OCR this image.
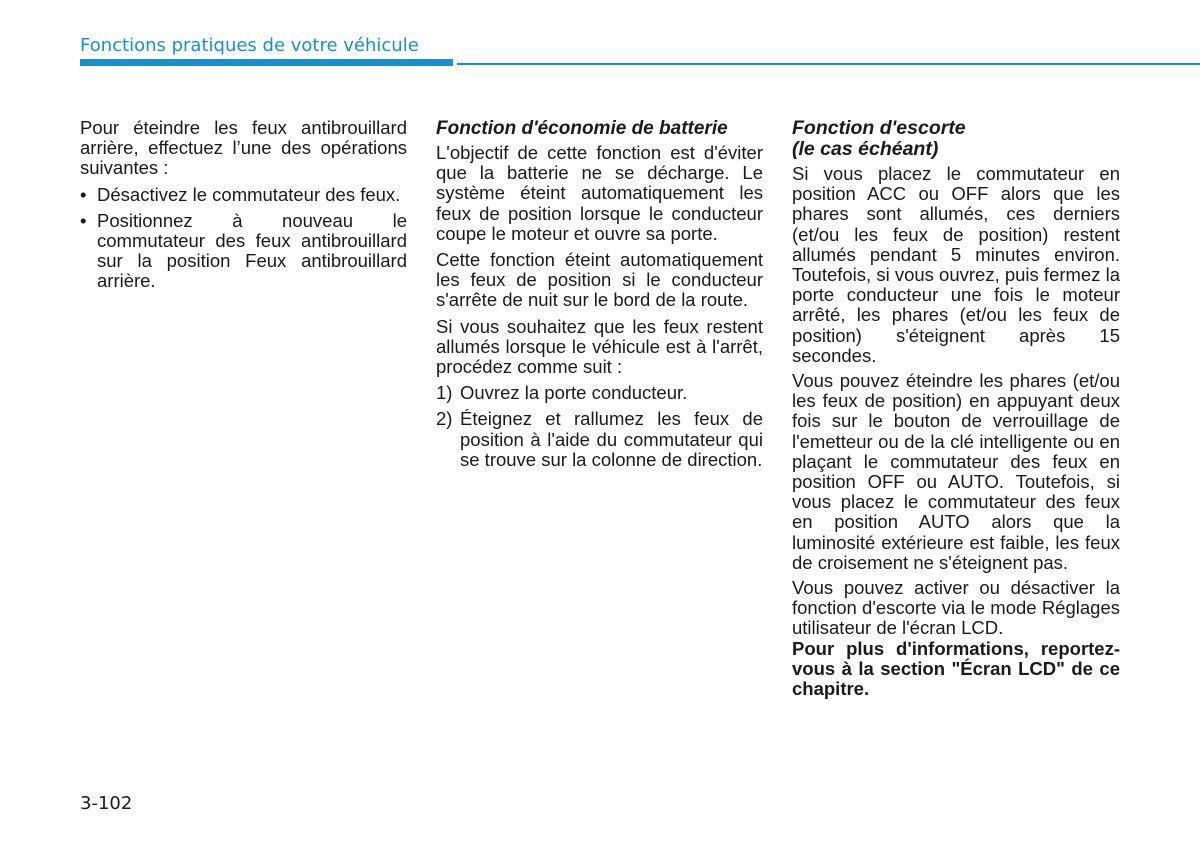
Fonctions pratiques de votre véhicule

Pour éteindre les feux antibrouillard arrière, effectuez l’une des opérations suivantes :

• Désactivez le commutateur des feux.
• Positionnez à nouveau le commutateur des feux antibrouillard sur la position Feux antibrouillard arrière.
Fonction d'économie de batterie

L'objectif de cette fonction est d'éviter que la batterie ne se décharge. Le système éteint automatiquement les feux de position lorsque le conducteur coupe le moteur et ouvre sa porte.

Cette fonction éteint automatiquement les feux de position si le conducteur s'arrête de nuit sur le bord de la route.

Si vous souhaitez que les feux restent allumés lorsque le véhicule est à l'arrêt, procédez comme suit :

1) Ouvrez la porte conducteur.
2) Éteignez et rallumez les feux de position à l'aide du commutateur qui se trouve sur la colonne de direction.
Fonction d'escorte
(le cas échéant)

Si vous placez le commutateur en position ACC ou OFF alors que les phares sont allumés, ces derniers (et/ou les feux de position) restent allumés pendant 5 minutes environ. Toutefois, si vous ouvrez, puis fermez la porte conducteur une fois le moteur arrêté, les phares (et/ou les feux de position) s'éteignent après 15 secondes.

Vous pouvez éteindre les phares (et/ou les feux de position) en appuyant deux fois sur le bouton de verrouillage de l'emetteur ou de la clé intelligente ou en plaçant le commutateur des feux en position OFF ou AUTO. Toutefois, si vous placez le commutateur des feux en position AUTO alors que la luminosité extérieure est faible, les feux de croisement ne s'éteignent pas.

Vous pouvez activer ou désactiver la fonction d'escorte via le mode Réglages utilisateur de l'écran LCD.
Pour plus d'informations, reportez-vous à la section "Écran LCD" de ce chapitre.

3-102
